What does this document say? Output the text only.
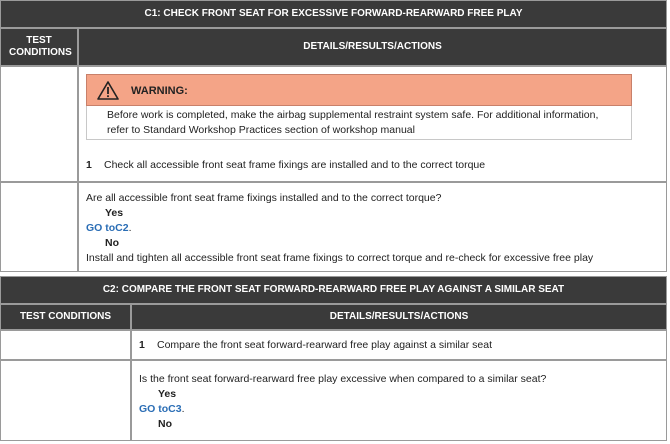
C1: CHECK FRONT SEAT FOR EXCESSIVE FORWARD-REARWARD FREE PLAY
TEST CONDITIONS
DETAILS/RESULTS/ACTIONS
WARNING:
Before work is completed, make the airbag supplemental restraint system safe. For additional information,
refer to Standard Workshop Practices section of workshop manual
1 Check all accessible front seat frame fixings are installed and to the correct torque
Are all accessible front seat frame fixings installed and to the correct torque?
Yes
GO toC2.
No
Install and tighten all accessible front seat frame fixings to correct torque and re-check for excessive free play
C2: COMPARE THE FRONT SEAT FORWARD-REARWARD FREE PLAY AGAINST A SIMILAR SEAT
TEST CONDITIONS	DETAILS/RESULTS/ACTIONS
1 Compare the front seat forward-rearward free play against a similar seat
Is the front seat forward-rearward free play excessive when compared to a similar seat?
Yes
GO toC3.
No
